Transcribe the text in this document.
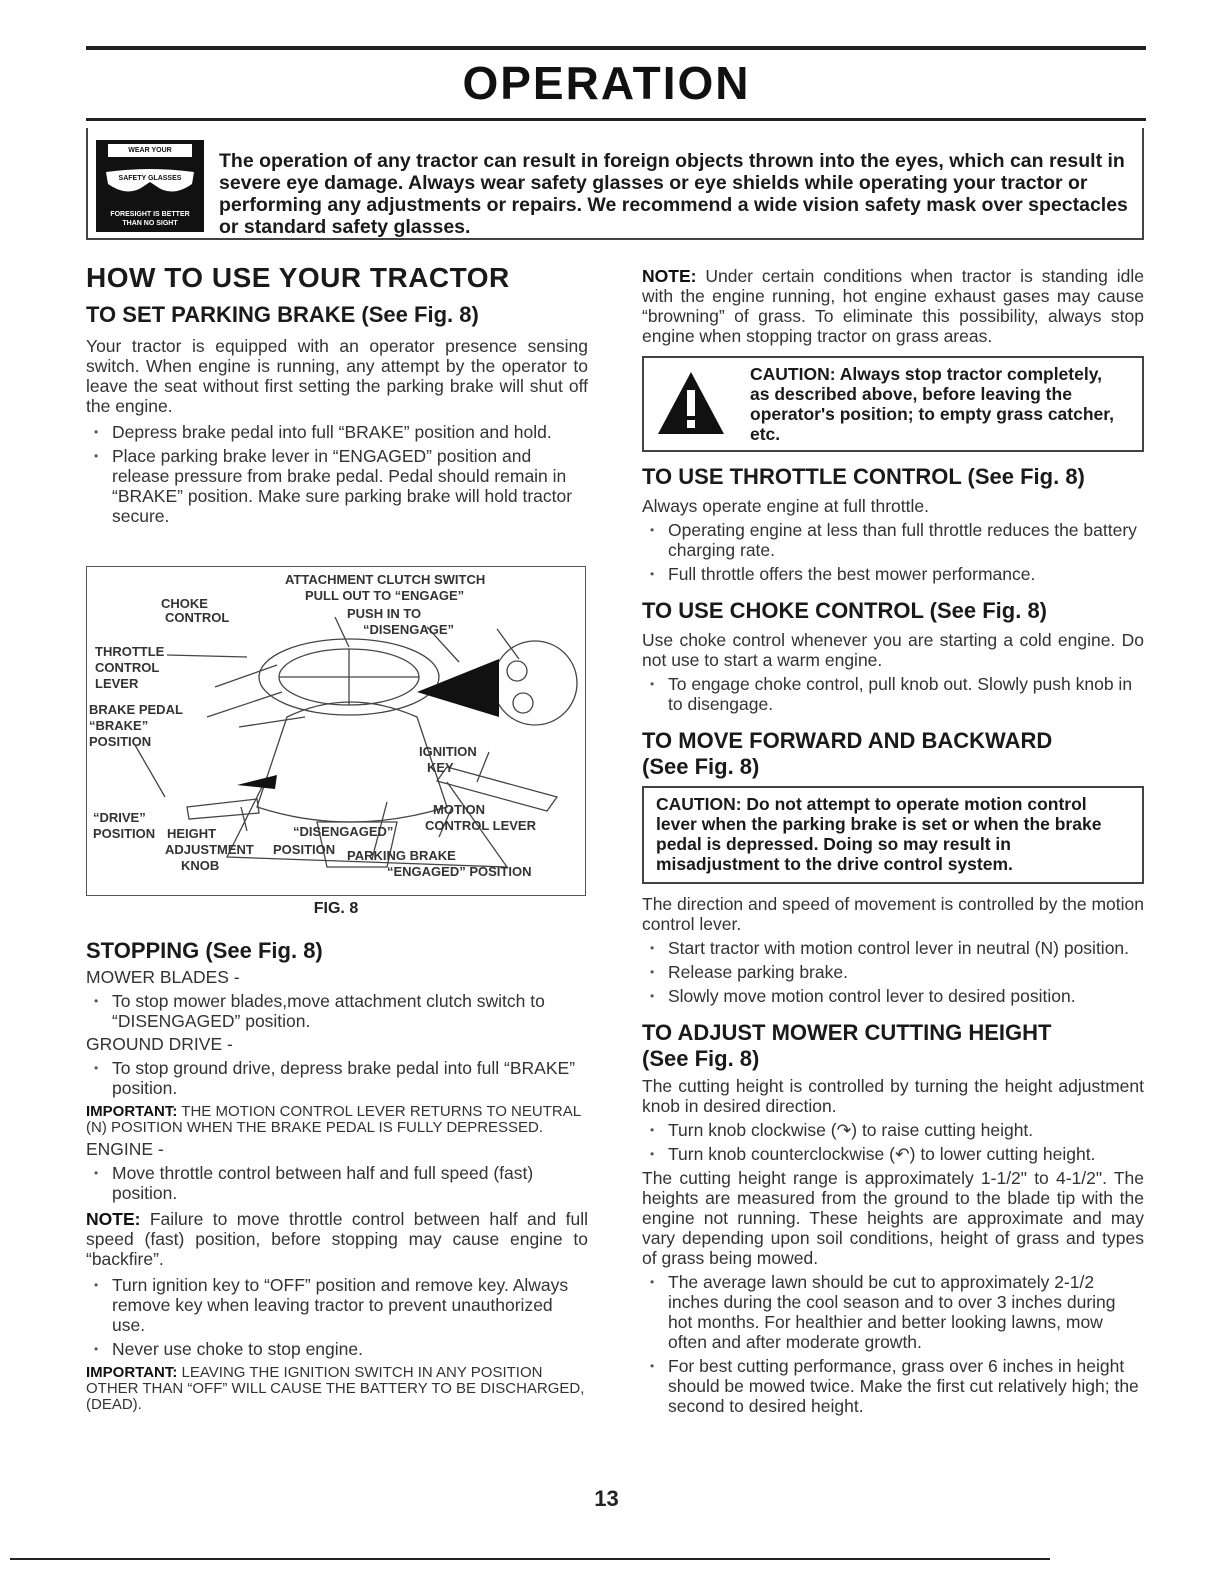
OPERATION
WEAR YOUR
SAFETY GLASSES
FORESIGHT IS BETTER
THAN NO SIGHT
The operation of any tractor can result in foreign objects thrown into the eyes, which can result in severe eye damage. Always wear safety glasses or eye shields while operating your tractor or performing any adjustments or repairs. We recommend a wide vision safety mask over spectacles or standard safety glasses.
HOW TO USE YOUR TRACTOR
TO SET PARKING BRAKE (See Fig. 8)
Your tractor is equipped with an operator presence sensing switch. When engine is running, any attempt by the operator to leave the seat without first setting the parking brake will shut off the engine.
• Depress brake pedal into full “BRAKE” position and hold.
• Place parking brake lever in “ENGAGED” position and release pressure from brake pedal. Pedal should remain in “BRAKE” position. Make sure parking brake will hold tractor secure.
ATTACHMENT CLUTCH SWITCH
PULL OUT TO “ENGAGE”
PUSH IN TO
“DISENGAGE”
CHOKE
CONTROL
THROTTLE
CONTROL
LEVER
BRAKE PEDAL
“BRAKE”
POSITION
IGNITION
KEY
MOTION
CONTROL LEVER
“DRIVE”
POSITION HEIGHT
ADJUSTMENT
KNOB
“DISENGAGED”
POSITION PARKING BRAKE
“ENGAGED” POSITION
FIG. 8
STOPPING (See Fig. 8)
MOWER BLADES -
• To stop mower blades,move attachment clutch switch to “DISENGAGED” position.
GROUND DRIVE -
• To stop ground drive, depress brake pedal into full “BRAKE” position.
IMPORTANT: THE MOTION CONTROL LEVER RETURNS TO NEUTRAL (N) POSITION WHEN THE BRAKE PEDAL IS FULLY DEPRESSED.
ENGINE -
• Move throttle control between half and full speed (fast) position.
NOTE: Failure to move throttle control between half and full speed (fast) position, before stopping may cause engine to “backfire”.
• Turn ignition key to “OFF” position and remove key. Always remove key when leaving tractor to prevent unauthorized use.
• Never use choke to stop engine.
IMPORTANT: LEAVING THE IGNITION SWITCH IN ANY POSITION OTHER THAN “OFF” WILL CAUSE THE BATTERY TO BE DISCHARGED, (DEAD).
NOTE: Under certain conditions when tractor is standing idle with the engine running, hot engine exhaust gases may cause “browning” of grass. To eliminate this possibility, always stop engine when stopping tractor on grass areas.
CAUTION: Always stop tractor completely, as described above, before leaving the operator's position; to empty grass catcher, etc.
TO USE THROTTLE CONTROL (See Fig. 8)
Always operate engine at full throttle.
• Operating engine at less than full throttle reduces the battery charging rate.
• Full throttle offers the best mower performance.
TO USE CHOKE CONTROL (See Fig. 8)
Use choke control whenever you are starting a cold engine. Do not use to start a warm engine.
• To engage choke control, pull knob out. Slowly push knob in to disengage.
TO MOVE FORWARD AND BACKWARD
(See Fig. 8)
CAUTION: Do not attempt to operate motion control lever when the parking brake is set or when the brake pedal is depressed. Doing so may result in misadjustment to the drive control system.
The direction and speed of movement is controlled by the motion control lever.
• Start tractor with motion control lever in neutral (N) position.
• Release parking brake.
• Slowly move motion control lever to desired position.
TO ADJUST MOWER CUTTING HEIGHT
(See Fig. 8)
The cutting height is controlled by turning the height adjustment knob in desired direction.
• Turn knob clockwise (↷) to raise cutting height.
• Turn knob counterclockwise (↶) to lower cutting height.
The cutting height range is approximately 1-1/2" to 4-1/2". The heights are measured from the ground to the blade tip with the engine not running. These heights are approximate and may vary depending upon soil conditions, height of grass and types of grass being mowed.
• The average lawn should be cut to approximately 2-1/2 inches during the cool season and to over 3 inches during hot months. For healthier and better looking lawns, mow often and after moderate growth.
• For best cutting performance, grass over 6 inches in height should be mowed twice. Make the first cut relatively high; the second to desired height.
13
